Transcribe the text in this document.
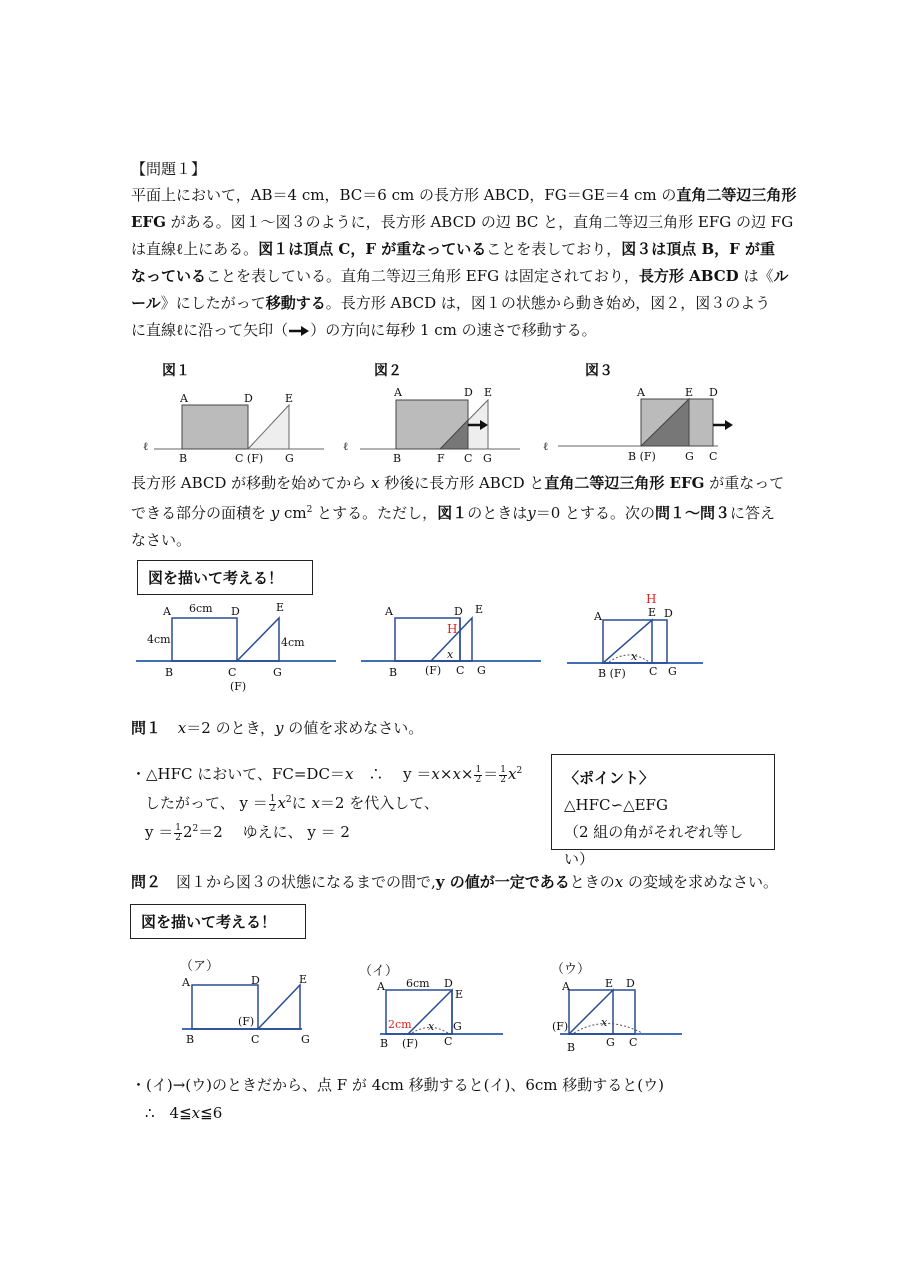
【問題１】
平面上において，AB＝4 cm，BC＝6 cm の長方形 ABCD，FG＝GE＝4 cm の直角二等辺三角形
EFG がある。図１～図３のように，長方形 ABCD の辺 BC と，直角二等辺三角形 EFG の辺 FG
は直線ℓ上にある。図１は頂点 C，F が重なっていることを表しており，図３は頂点 B，F が重
なっていることを表している。直角二等辺三角形 EFG は固定されており，長方形 ABCD は《ル
ール》にしたがって移動する。長方形 ABCD は，図１の状態から動き始め，図２，図３のよう
に直線ℓに沿って矢印（ ）の方向に毎秒 1 cm の速さで移動する。
図１	図２	図３
A	D	E
ℓ
B	C (F) G
A	D E
ℓ
B	F C G
A	E D
ℓ
B (F)	G C
長方形 ABCD が移動を始めてから x 秒後に長方形 ABCD と直角二等辺三角形 EFG が重なって
できる部分の面積を y $cm^2$ とする。ただし，図１のときはy＝0 とする。次の問１～問３に答え
なさい。
図を描いて考える！
A 6cm D	E
4cm	4cm
B	C	G
(F)
A	D E
H
x
B	(F) C G
H
A	E D
x
B (F) C G
問１ x＝2 のとき，y の値を求めなさい。
・△HFC において、FC=DC＝x　∴　 $y =x\times x\times \frac{1}{2} = \frac{1}{2} x^2$
したがって、 $y = \frac{1}{2} x^2$に x＝2 を代入して、
$y = \frac{1}{2} 2^2=2$　 ゆえに、 y ＝ 2
〈ポイント〉
△HFC∽△EFG
（2 組の角がそれぞれ等しい）
問２　図１から図３の状態になるまでの間で,y の値が一定であるときのx の変域を求めなさい。
図を描いて考える！
（ア）
A	D	E
(F)
B	C	G
（イ）
A 6cm D
E
2cm x G
B (F) C
（ウ）
A	E D
(F)	x
B	G C
・(イ)→(ウ)のときだから、点 F が 4cm 移動すると(イ)、6cm 移動すると(ウ)
∴　4≦x≦6
